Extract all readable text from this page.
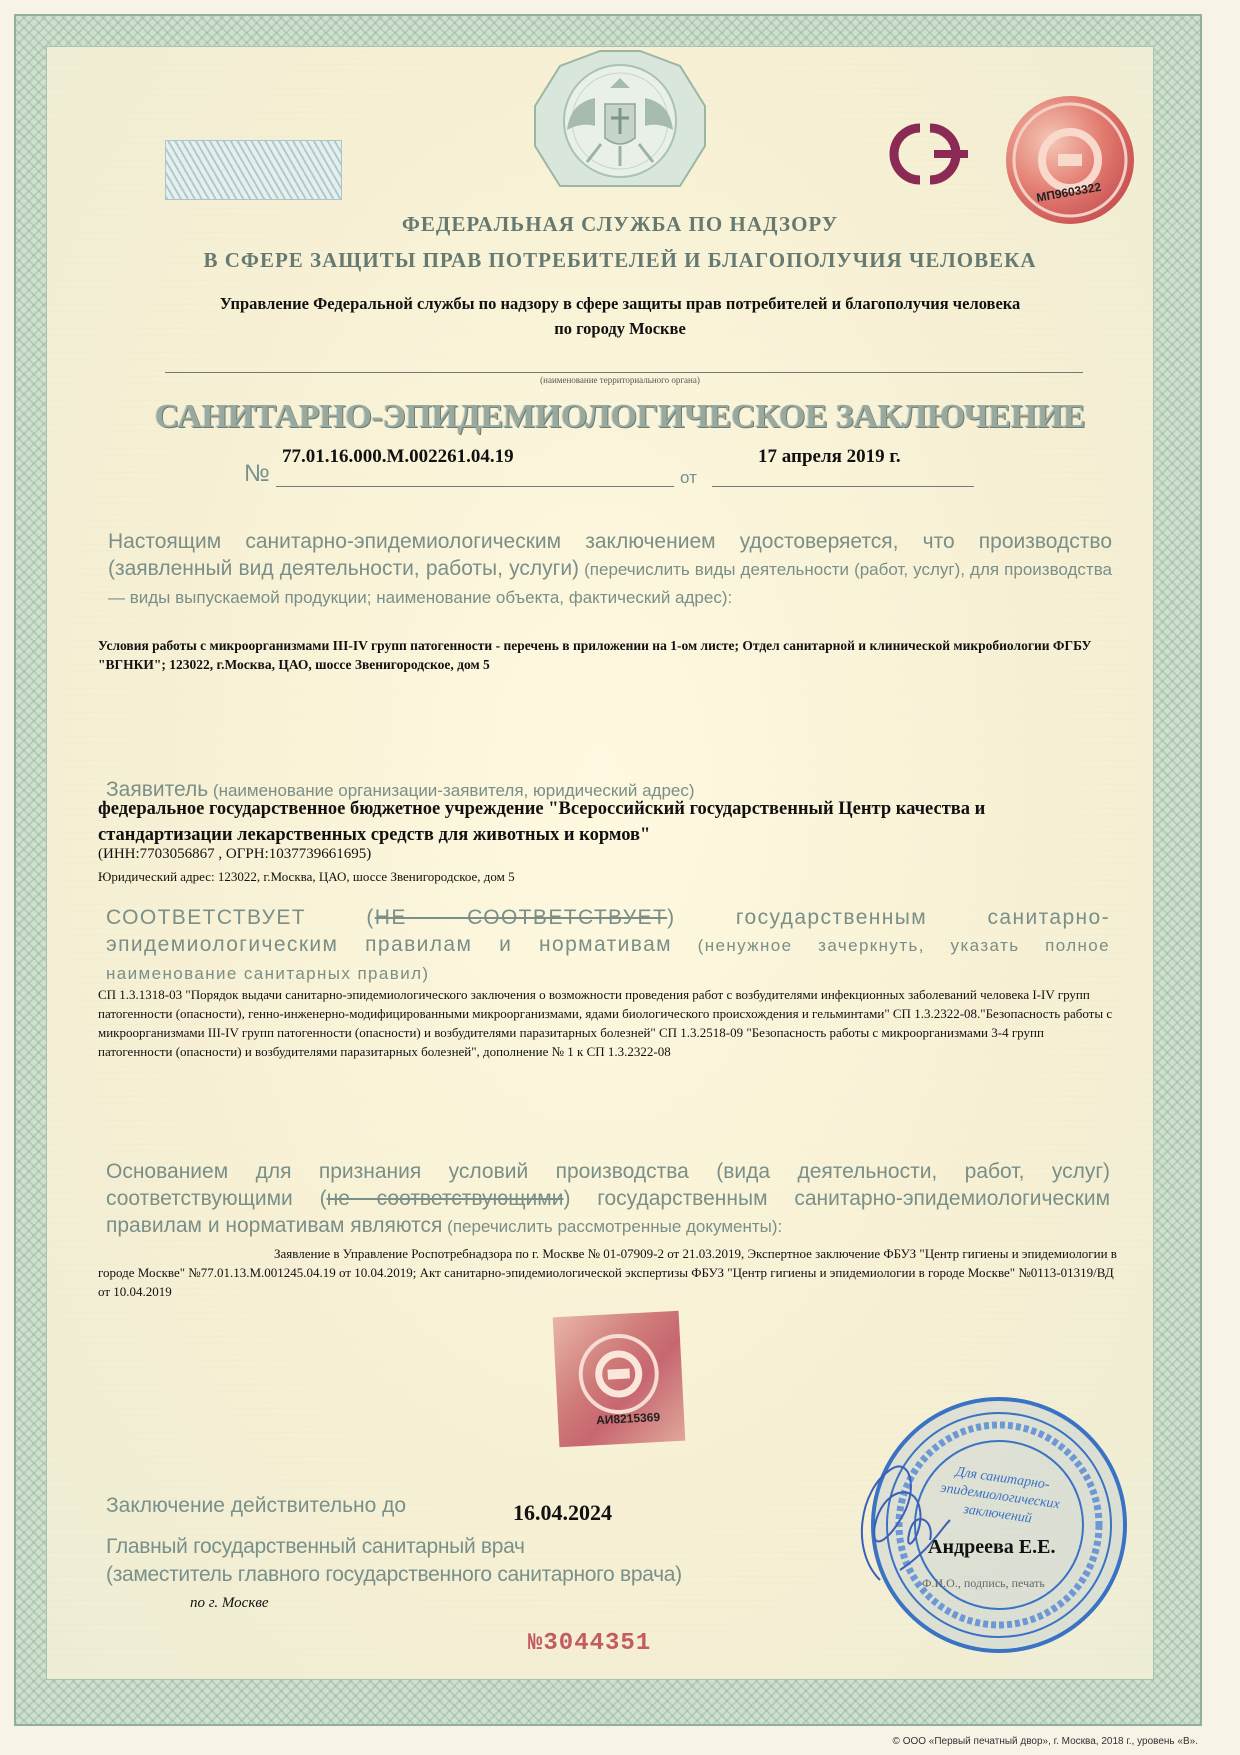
МП9603322
ФЕДЕРАЛЬНАЯ СЛУЖБА ПО НАДЗОРУ
В СФЕРЕ ЗАЩИТЫ ПРАВ ПОТРЕБИТЕЛЕЙ И БЛАГОПОЛУЧИЯ ЧЕЛОВЕКА
Управление Федеральной службы по надзору в сфере защиты прав потребителей и благополучия человека
по городу Москве
(наименование территориального органа)
САНИТАРНО-ЭПИДЕМИОЛОГИЧЕСКОЕ ЗАКЛЮЧЕНИЕ
№
77.01.16.000.М.002261.04.19
от
17 апреля 2019 г.
Настоящим санитарно-эпидемиологическим заключением удостоверяется, что производство (заявленный вид деятельности, работы, услуги) (перечислить виды деятельности (работ, услуг), для производства — виды выпускаемой продукции; наименование объекта, фактический адрес):
Условия работы с микроорганизмами III-IV групп патогенности - перечень в приложении на 1-ом листе; Отдел санитарной и клинической микробиологии ФГБУ "ВГНКИ"; 123022, г.Москва, ЦАО, шоссе Звенигородское, дом 5
Заявитель (наименование организации-заявителя, юридический адрес)
федеральное государственное бюджетное учреждение "Всероссийский государственный Центр качества и стандартизации лекарственных средств для животных и кормов"
(ИНН:7703056867 , ОГРН:1037739661695)
Юридический адрес: 123022, г.Москва, ЦАО, шоссе Звенигородское, дом 5
СООТВЕТСТВУЕТ (НЕ СООТВЕТСТВУЕТ) государственным санитарно-эпидемиологическим правилам и нормативам (ненужное зачеркнуть, указать полное наименование санитарных правил)
СП 1.3.1318-03 "Порядок выдачи санитарно-эпидемиологического заключения о возможности проведения работ с возбудителями инфекционных заболеваний человека I-IV групп патогенности (опасности), генно-инженерно-модифицированными микроорганизмами, ядами биологического происхождения и гельминтами" СП 1.3.2322-08."Безопасность работы с микроорганизмами III-IV групп патогенности (опасности) и возбудителями паразитарных болезней" СП 1.3.2518-09 "Безопасность работы с микроорганизмами 3-4 групп патогенности (опасности) и возбудителями паразитарных болезней", дополнение № 1 к СП 1.3.2322-08
Основанием для признания условий производства (вида деятельности, работ, услуг) соответствующими (не соответствующими) государственным санитарно-эпидемиологическим правилам и нормативам являются (перечислить рассмотренные документы):
Заявление в Управление Роспотребнадзора по г. Москве № 01-07909-2 от 21.03.2019, Экспертное заключение ФБУЗ "Центр гигиены и эпидемиологии в городе Москве" №77.01.13.М.001245.04.19 от 10.04.2019; Акт санитарно-эпидемиологической экспертизы ФБУЗ "Центр гигиены и эпидемиологии в городе Москве" №0113-01319/ВД от 10.04.2019
АИ8215369
Заключение действительно до	16.04.2024
Главный государственный санитарный врач
(заместитель главного государственного санитарного врача)
по г. Москве
Для санитарно-эпидемиологических заключений
Андреева Е.Е.
Ф.И.О., подпись, печать
№3044351
© ООО «Первый печатный двор», г. Москва, 2018 г., уровень «В».
